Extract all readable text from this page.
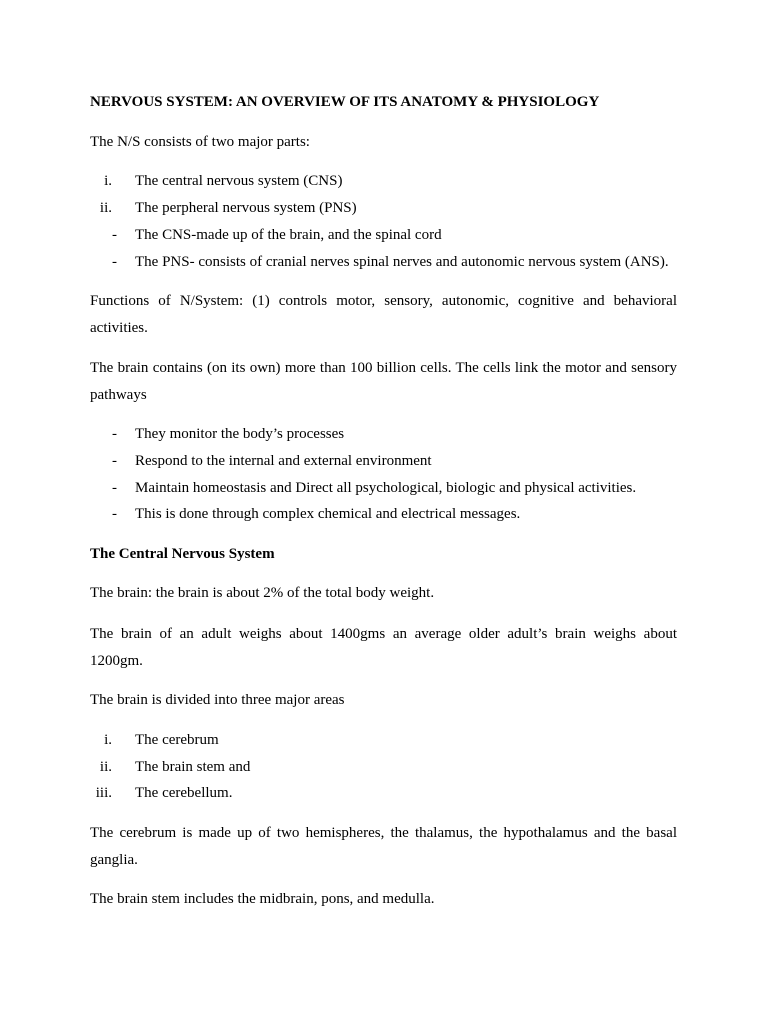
NERVOUS SYSTEM: AN OVERVIEW OF ITS ANATOMY & PHYSIOLOGY
The N/S consists of two major parts:
i. The central nervous system (CNS)
ii. The perpheral nervous system (PNS)
- The CNS-made up of the brain, and the spinal cord
- The PNS- consists of cranial nerves spinal nerves and autonomic nervous system (ANS).
Functions of N/System: (1) controls motor, sensory, autonomic, cognitive and behavioral activities.
The brain contains (on its own) more than 100 billion cells. The cells link the motor and sensory pathways
- They monitor the body’s processes
- Respond to the internal and external environment
- Maintain homeostasis and Direct all psychological, biologic and physical activities.
- This is done through complex chemical and electrical messages.
The Central Nervous System
The brain: the brain is about 2% of the total body weight.
The brain of an adult weighs about 1400gms an average older adult’s brain weighs about 1200gm.
The brain is divided into three major areas
i. The cerebrum
ii. The brain stem and
iii. The cerebellum.
The cerebrum is made up of two hemispheres, the thalamus, the hypothalamus and the basal ganglia.
The brain stem includes the midbrain, pons, and medulla.
